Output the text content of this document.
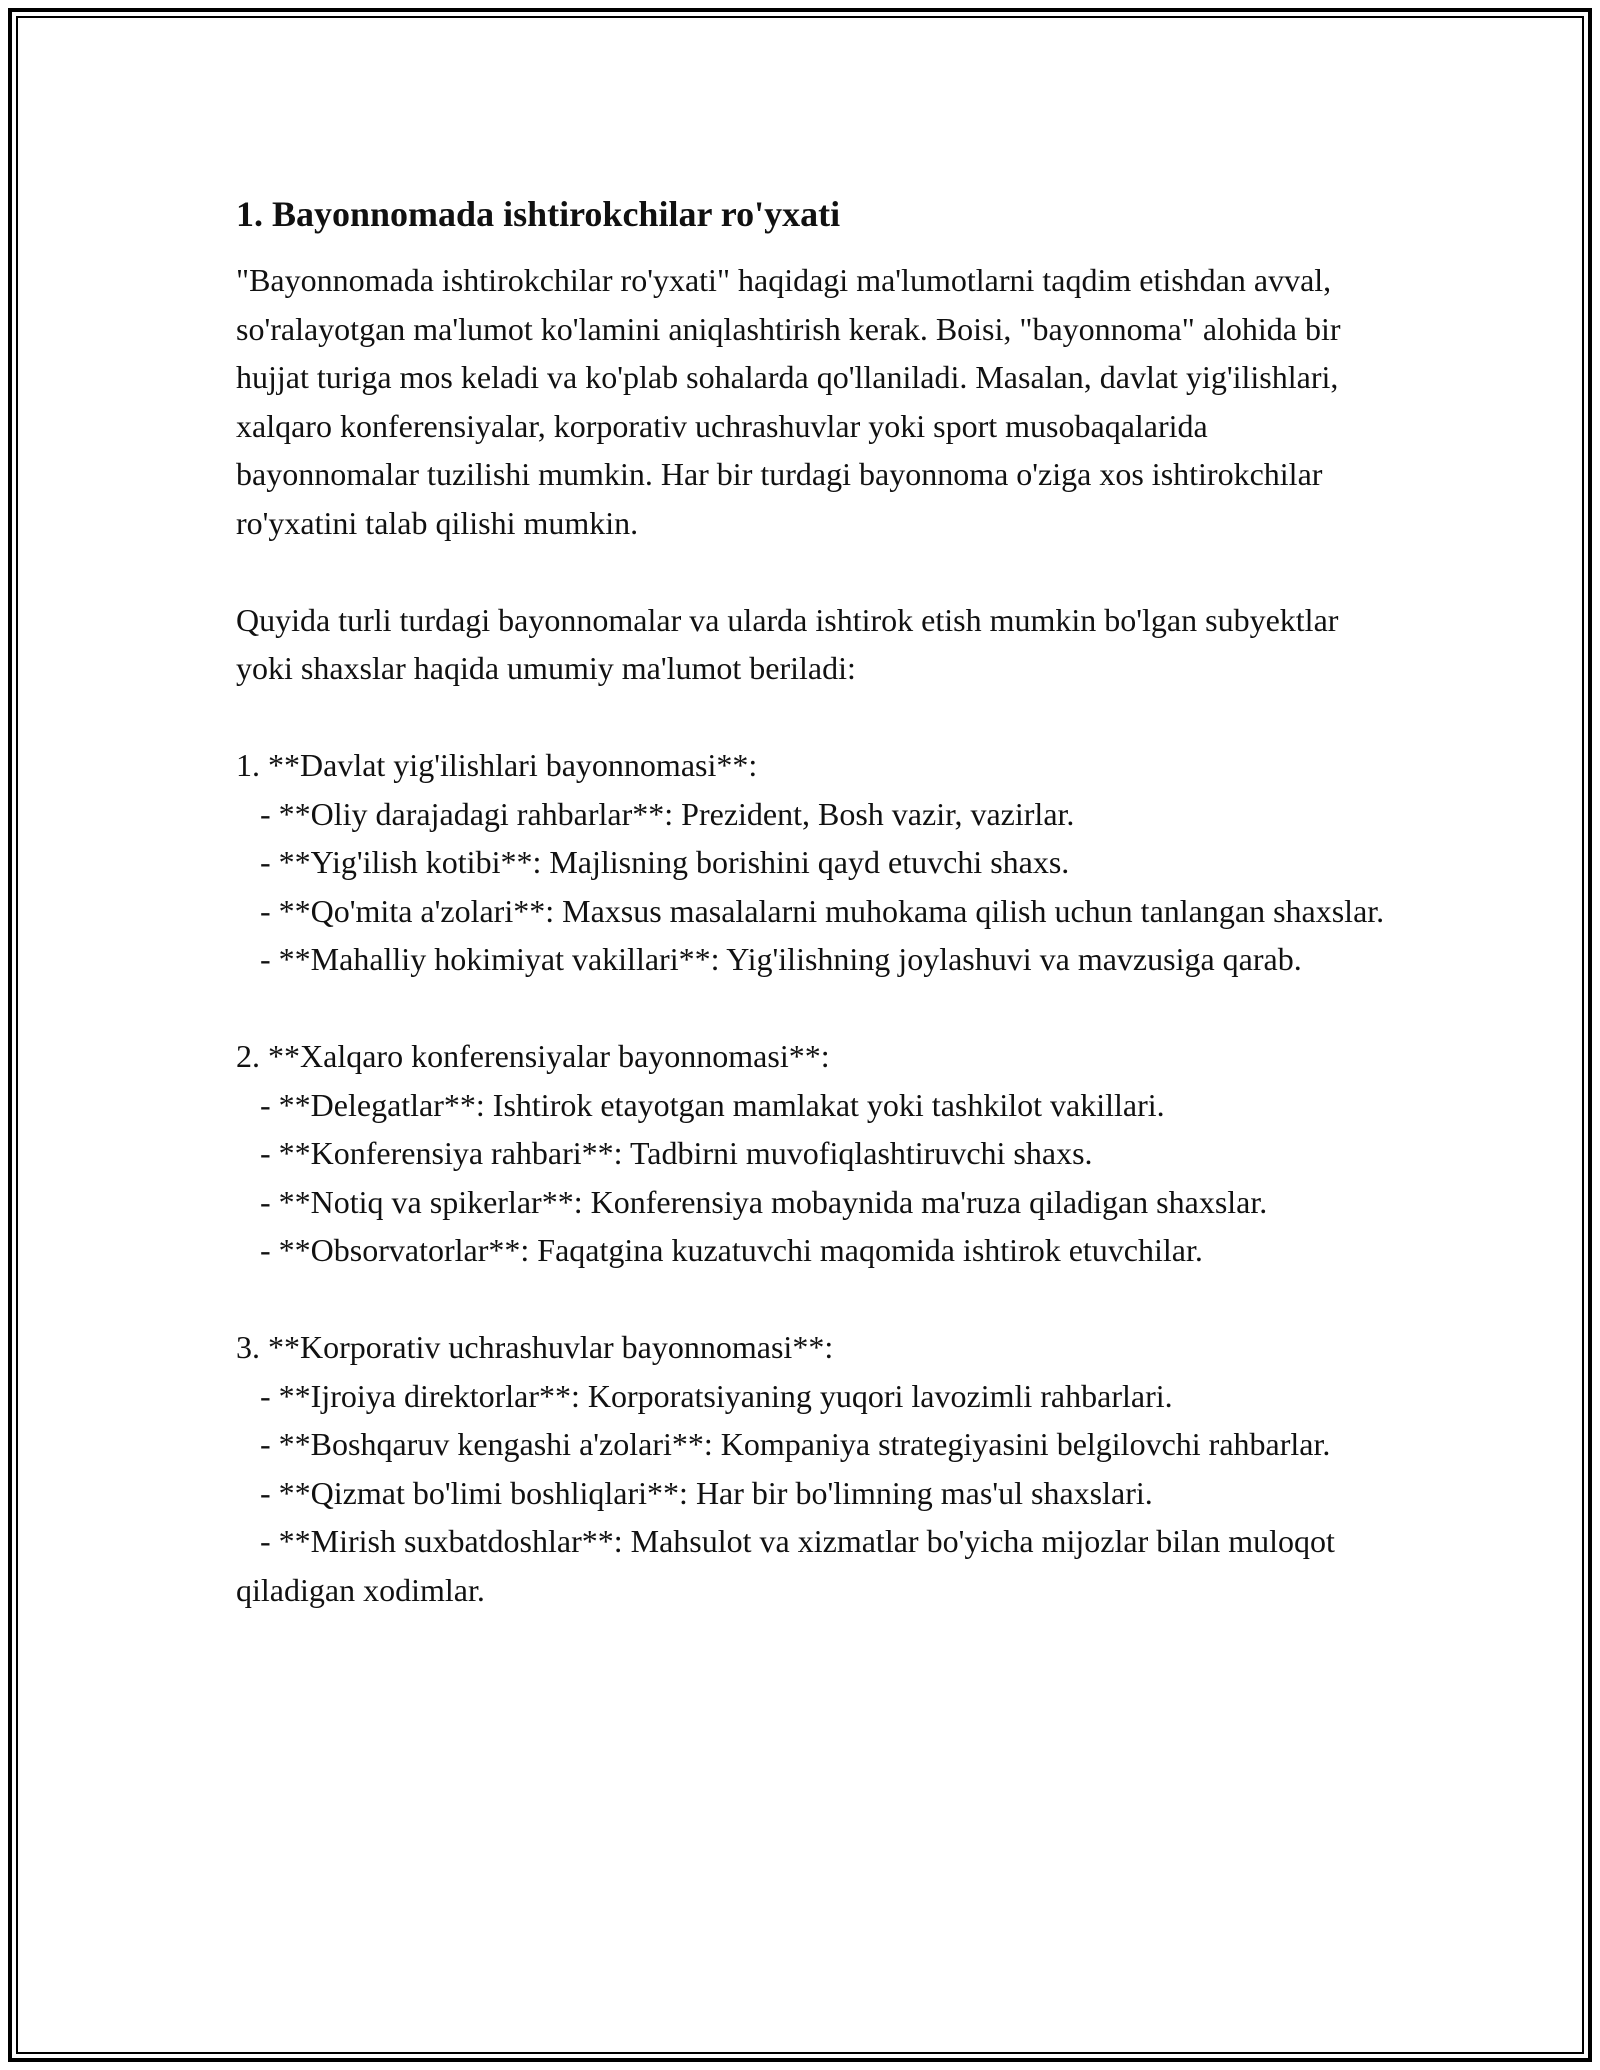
1. Bayonnomada ishtirokchilar ro'yxati

"Bayonnomada ishtirokchilar ro'yxati" haqidagi ma'lumotlarni taqdim etishdan avval, so'ralayotgan ma'lumot ko'lamini aniqlashtirish kerak. Boisi, "bayonnoma" alohida bir hujjat turiga mos keladi va ko'plab sohalarda qo'llaniladi. Masalan, davlat yig'ilishlari, xalqaro konferensiyalar, korporativ uchrashuvlar yoki sport musobaqalarida bayonnomalar tuzilishi mumkin. Har bir turdagi bayonnoma o'ziga xos ishtirokchilar ro'yxatini talab qilishi mumkin.

Quyida turli turdagi bayonnomalar va ularda ishtirok etish mumkin bo'lgan subyektlar yoki shaxslar haqida umumiy ma'lumot beriladi:

1. **Davlat yig'ilishlari bayonnomasi**:

- **Oliy darajadagi rahbarlar**: Prezident, Bosh vazir, vazirlar.

- **Yig'ilish kotibi**: Majlisning borishini qayd etuvchi shaxs.

- **Qo'mita a'zolari**: Maxsus masalalarni muhokama qilish uchun tanlangan shaxslar.

- **Mahalliy hokimiyat vakillari**: Yig'ilishning joylashuvi va mavzusiga qarab.

2. **Xalqaro konferensiyalar bayonnomasi**:

- **Delegatlar**: Ishtirok etayotgan mamlakat yoki tashkilot vakillari.

- **Konferensiya rahbari**: Tadbirni muvofiqlashtiruvchi shaxs.

- **Notiq va spikerlar**: Konferensiya mobaynida ma'ruza qiladigan shaxslar.

- **Obsorvatorlar**: Faqatgina kuzatuvchi maqomida ishtirok etuvchilar.

3. **Korporativ uchrashuvlar bayonnomasi**:

- **Ijroiya direktorlar**: Korporatsiyaning yuqori lavozimli rahbarlari.

- **Boshqaruv kengashi a'zolari**: Kompaniya strategiyasini belgilovchi rahbarlar.

- **Qizmat bo'limi boshliqlari**: Har bir bo'limning mas'ul shaxslari.

- **Mirish suxbatdoshlar**: Mahsulot va xizmatlar bo'yicha mijozlar bilan muloqot qiladigan xodimlar.
